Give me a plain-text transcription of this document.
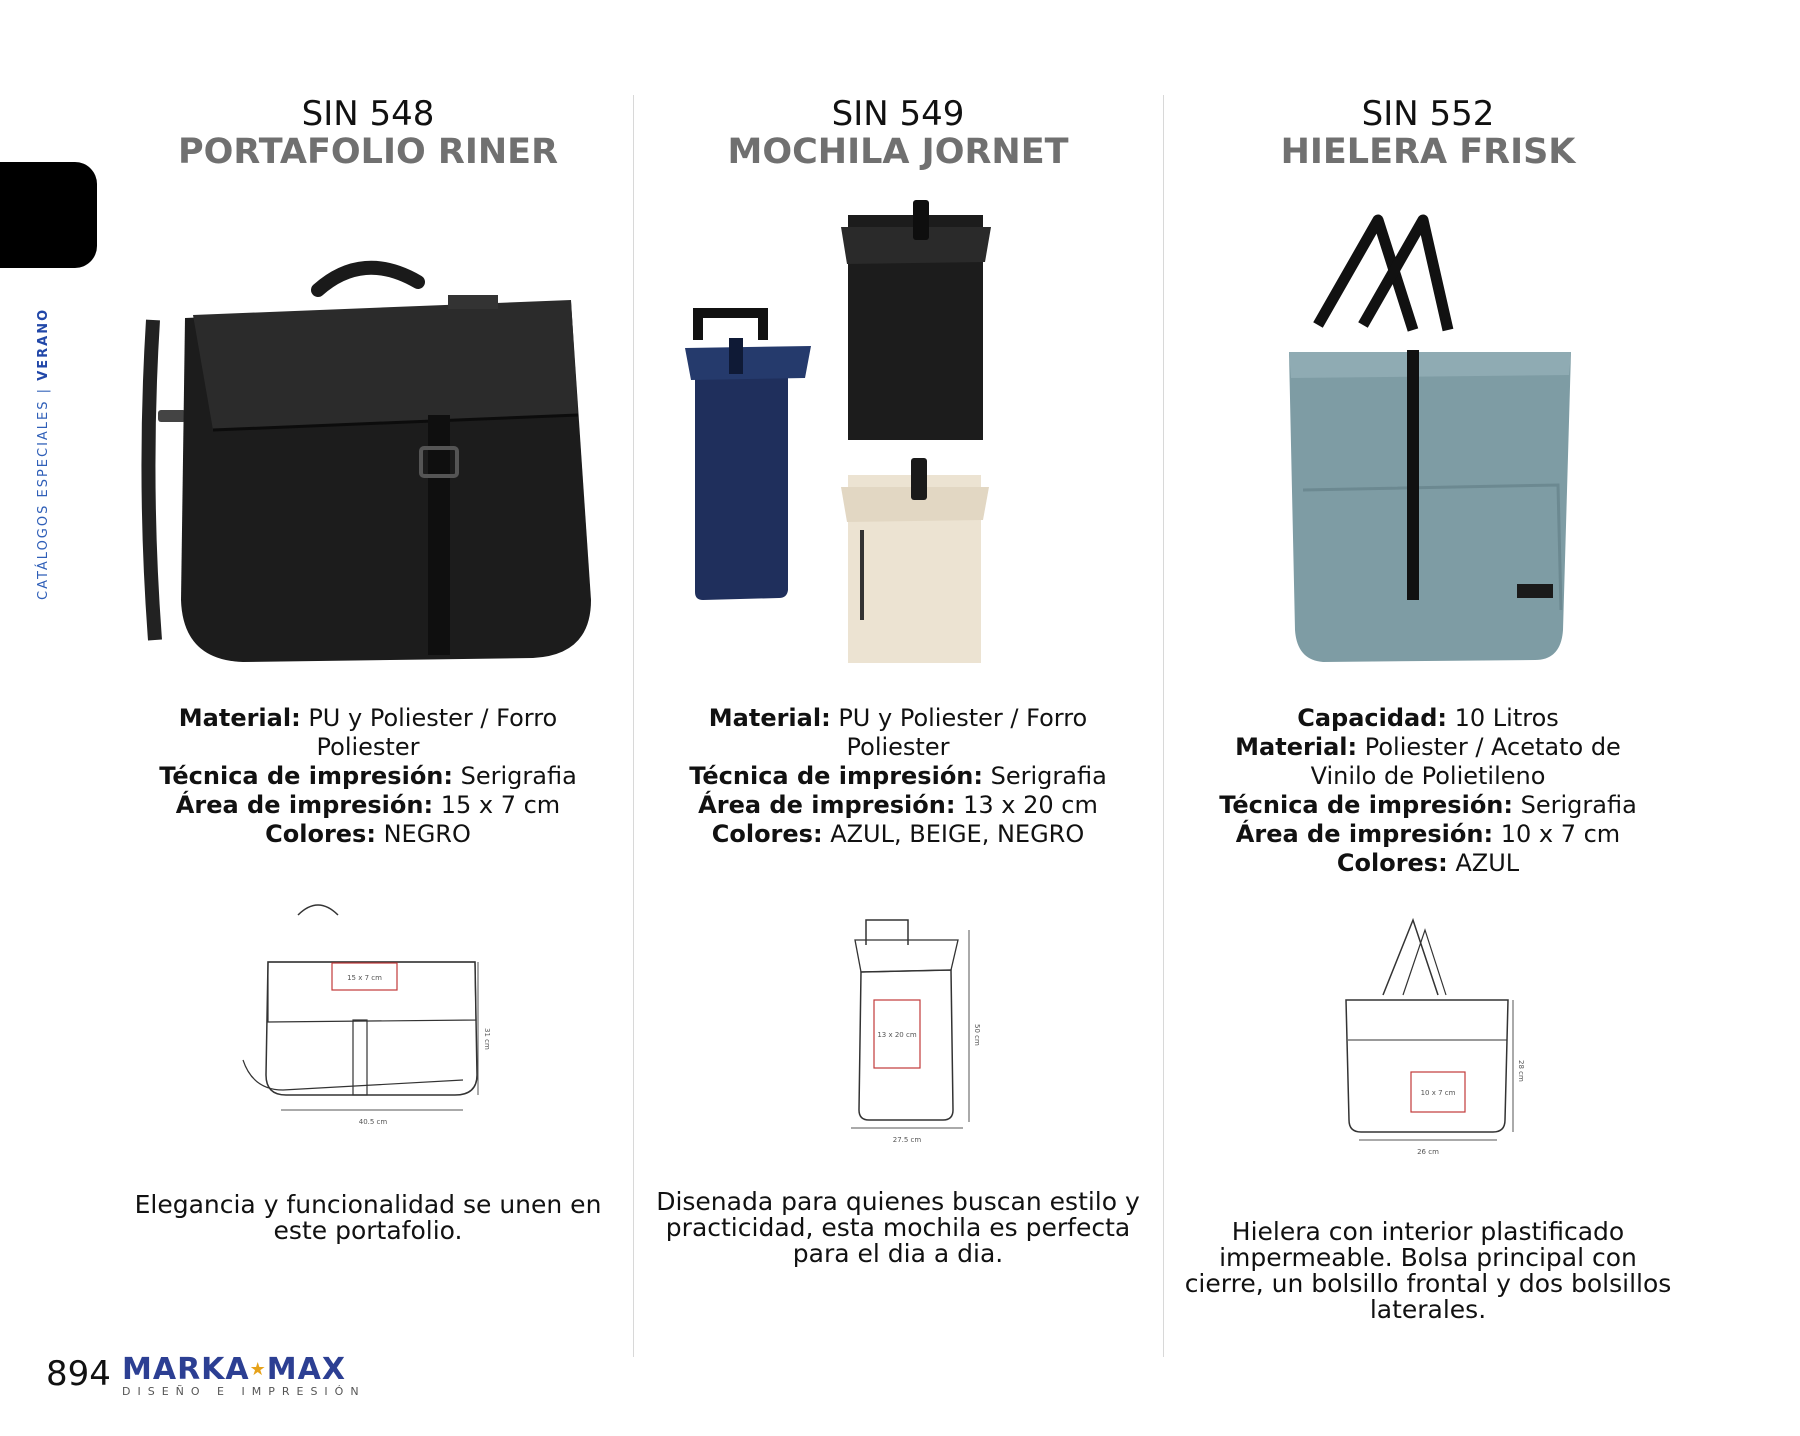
CATÁLOGOS ESPECIALES | VERANO
SIN 548
PORTAFOLIO RINER
Material: PU y Poliester / Forro Poliester
Técnica de impresión: Serigrafia
Área de impresión: 15 x 7 cm
Colores: NEGRO
15 x 7 cm
40.5 cm
31 cm
Elegancia y funcionalidad se unen en este portafolio.
SIN 549
MOCHILA JORNET
Material: PU y Poliester / Forro Poliester
Técnica de impresión: Serigrafia
Área de impresión: 13 x 20 cm
Colores: AZUL, BEIGE, NEGRO
13 x 20 cm
27.5 cm
50 cm
Disenada para quienes buscan estilo y practicidad, esta mochila es perfecta para el dia a dia.
SIN 552
HIELERA FRISK
Capacidad: 10 Litros
Material: Poliester / Acetato de Vinilo de Polietileno
Técnica de impresión: Serigrafia
Área de impresión: 10 x 7 cm
Colores: AZUL
10 x 7 cm
26 cm
28 cm
Hielera con interior plastificado impermeable. Bolsa principal con cierre, un bolsillo frontal y dos bolsillos laterales.
894 MARKA★MAX
DISEÑO E IMPRESIÓN
